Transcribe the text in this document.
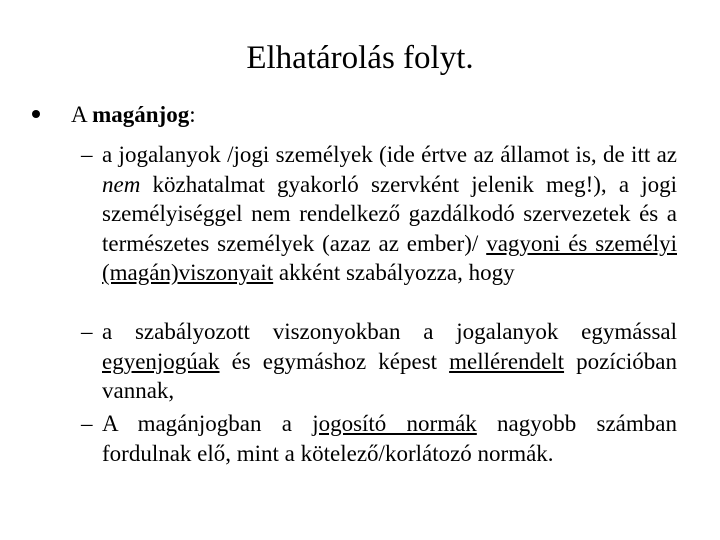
Elhatárolás folyt.
A magánjog:
– a jogalanyok /jogi személyek (ide értve az államot is, de itt az nem közhatalmat gyakorló szervként jelenik meg!), a jogi személyiséggel nem rendelkező gazdálkodó szervezetek és a természetes személyek (azaz az ember)/ vagyoni és személyi (magán)viszonyait akként szabályozza, hogy
– a szabályozott viszonyokban a jogalanyok egymással egyenjogúak és egymáshoz képest mellérendelt pozícióban vannak,
– A magánjogban a jogosító normák nagyobb számban fordulnak elő, mint a kötelező/korlátozó normák.
